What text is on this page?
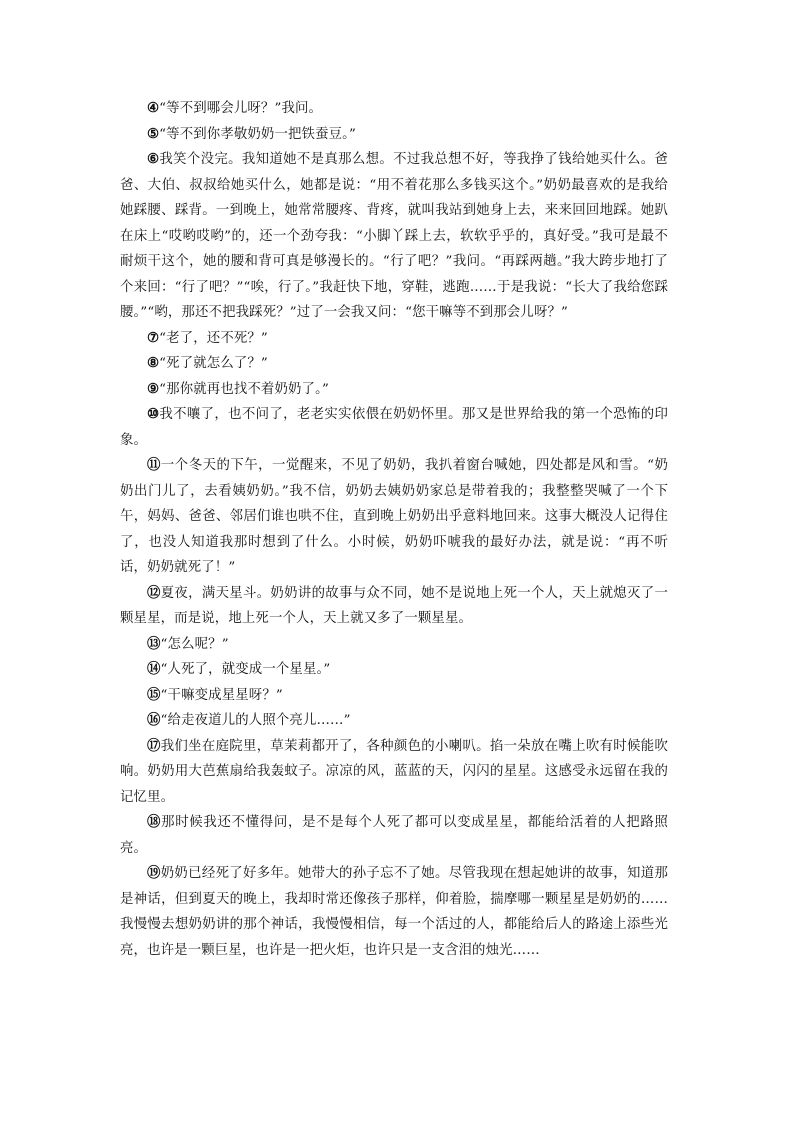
④“等不到哪会儿呀？”我问。

⑤“等不到你孝敬奶奶一把铁蚕豆。”

⑥我笑个没完。我知道她不是真那么想。不过我总想不好，等我挣了钱给她买什么。爸爸、大伯、叔叔给她买什么，她都是说：“用不着花那么多钱买这个。”奶奶最喜欢的是我给她踩腰、踩背。一到晚上，她常常腰疼、背疼，就叫我站到她身上去，来来回回地踩。她趴在床上“哎哟哎哟”的，还一个劲夸我：“小脚丫踩上去，软软乎乎的，真好受。”我可是最不耐烦干这个，她的腰和背可真是够漫长的。“行了吧？”我问。“再踩两趟。”我大跨步地打了个来回：“行了吧？”“唉，行了。”我赶快下地，穿鞋，逃跑……于是我说：“长大了我给您踩腰。”“哟，那还不把我踩死？”过了一会我又问：“您干嘛等不到那会儿呀？”

⑦“老了，还不死？”

⑧“死了就怎么了？”

⑨“那你就再也找不着奶奶了。”

⑩我不嚷了，也不问了，老老实实依偎在奶奶怀里。那又是世界给我的第一个恐怖的印象。

⑪一个冬天的下午，一觉醒来，不见了奶奶，我扒着窗台喊她，四处都是风和雪。“奶奶出门儿了，去看姨奶奶。”我不信，奶奶去姨奶奶家总是带着我的；我整整哭喊了一个下午，妈妈、爸爸、邻居们谁也哄不住，直到晚上奶奶出乎意料地回来。这事大概没人记得住了，也没人知道我那时想到了什么。小时候，奶奶吓唬我的最好办法，就是说：“再不听话，奶奶就死了！”

⑫夏夜，满天星斗。奶奶讲的故事与众不同，她不是说地上死一个人，天上就熄灭了一颗星星，而是说，地上死一个人，天上就又多了一颗星星。

⑬“怎么呢？”

⑭“人死了，就变成一个星星。”

⑮“干嘛变成星星呀？”

⑯“给走夜道儿的人照个亮儿……”

⑰我们坐在庭院里，草茉莉都开了，各种颜色的小喇叭。掐一朵放在嘴上吹有时候能吹响。奶奶用大芭蕉扇给我轰蚊子。凉凉的风，蓝蓝的天，闪闪的星星。这感受永远留在我的记忆里。

⑱那时候我还不懂得问，是不是每个人死了都可以变成星星，都能给活着的人把路照亮。

⑲奶奶已经死了好多年。她带大的孙子忘不了她。尽管我现在想起她讲的故事，知道那是神话，但到夏天的晚上，我却时常还像孩子那样，仰着脸，揣摩哪一颗星星是奶奶的……我慢慢去想奶奶讲的那个神话，我慢慢相信，每一个活过的人，都能给后人的路途上添些光亮，也许是一颗巨星，也许是一把火炬，也许只是一支含泪的烛光……
